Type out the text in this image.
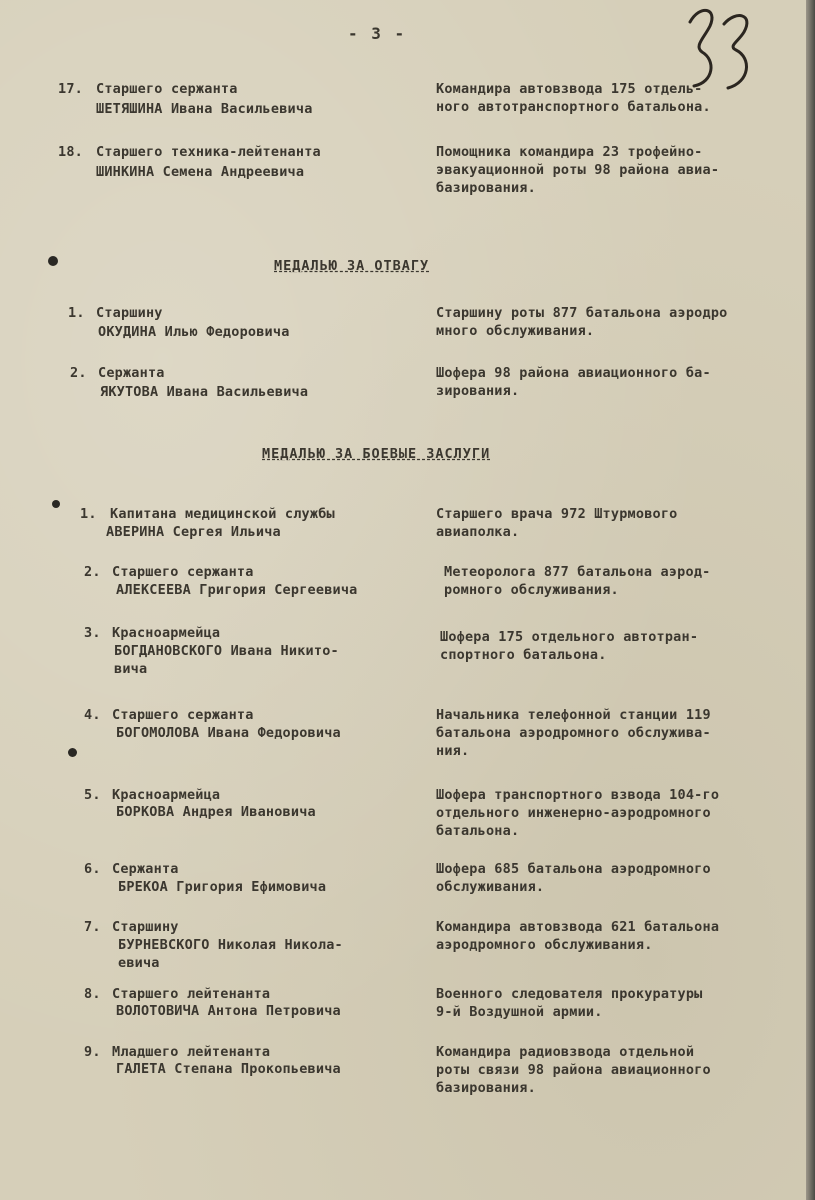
- 3 -
17. Старшего сержанта
ШЕТЯШИНА Ивана Васильевича
Командира автовзвода 175 отдель-
ного автотранспортного батальона.
18. Старшего техника-лейтенанта
ШИНКИНА Семена Андреевича
Помощника командира 23 трофейно-
эвакуационной роты 98 района авиа-
базирования.
МЕДАЛЬЮ ЗА ОТВАГУ
1. Старшину
ОКУДИНА Илью Федоровича
Старшину роты 877 батальона аэродро
много обслуживания.
2. Сержанта
ЯКУТОВА Ивана Васильевича
Шофера 98 района авиационного ба-
зирования.
МЕДАЛЬЮ ЗА БОЕВЫЕ ЗАСЛУГИ
1. Капитана медицинской службы
АВЕРИНА Сергея Ильича
Старшего врача 972 Штурмового
авиаполка.
2. Старшего сержанта
АЛЕКСЕЕВА Григория Сергеевича
Метеоролога 877 батальона аэрод-
ромного обслуживания.
3. Красноармейца
БОГДАНОВСКОГО Ивана Никито-
вича
Шофера 175 отдельного автотран-
спортного батальона.
4. Старшего сержанта
БОГОМОЛОВА Ивана Федоровича
Начальника телефонной станции 119
батальона аэродромного обслужива-
ния.
5. Красноармейца
БОРКОВА Андрея Ивановича
Шофера транспортного взвода 104-го
отдельного инженерно-аэродромного
батальона.
6. Сержанта
БРЕКОА Григория Ефимовича
Шофера 685 батальона аэродромного
обслуживания.
7. Старшину
БУРНЕВСКОГО Николая Никола-
евича
Командира автовзвода 621 батальона
аэродромного обслуживания.
8. Старшего лейтенанта
ВОЛОТОВИЧА Антона Петровича
Военного следователя прокуратуры
9-й Воздушной армии.
9. Младшего лейтенанта
ГАЛЕТА Степана Прокопьевича
Командира радиовзвода отдельной
роты связи 98 района авиационного
базирования.
